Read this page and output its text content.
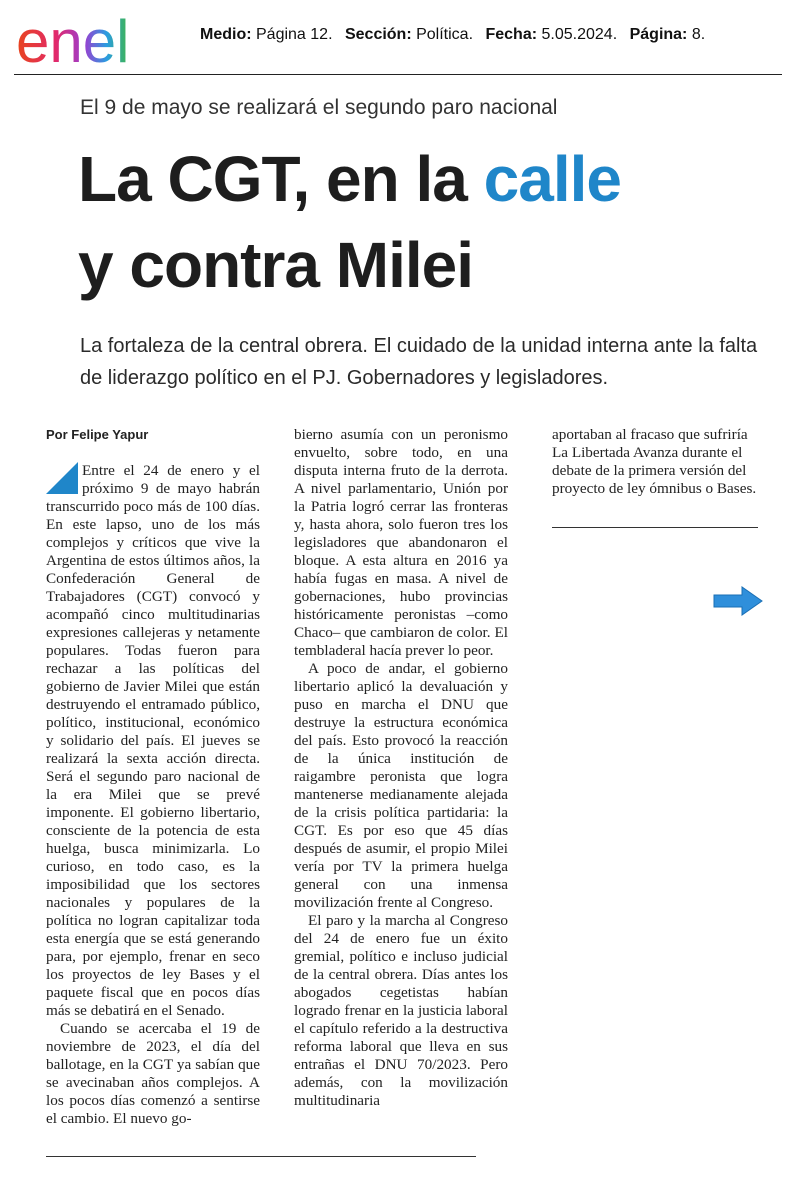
enel	Medio: Página 12. Sección: Política. Fecha: 5.05.2024. Página: 8.
El 9 de mayo se realizará el segundo paro nacional
La CGT, en la calle
y contra Milei
La fortaleza de la central obrera. El cuidado de la unidad interna ante la falta de liderazgo político en el PJ. Gobernadores y legisladores.
Por Felipe Yapur

Entre el 24 de enero y el próximo 9 de mayo habrán transcurrido poco más de 100 días. En este lapso, uno de los más complejos y críticos que vive la Argentina de estos últimos años, la Confederación General de Trabajadores (CGT) convocó y acompañó cinco multitudinarias expresiones callejeras y netamente populares. Todas fueron para rechazar a las políticas del gobierno de Javier Milei que están destruyendo el entramado público, político, institucional, económico y solidario del país. El jueves se realizará la sexta acción directa. Será el segundo paro nacional de la era Milei que se prevé imponente. El gobierno libertario, consciente de la potencia de esta huelga, busca minimizarla. Lo curioso, en todo caso, es la imposibilidad que los sectores nacionales y populares de la política no logran capitalizar toda esta energía que se está generando para, por ejemplo, frenar en seco los proyectos de ley Bases y el paquete fiscal que en pocos días más se debatirá en el Senado.

Cuando se acercaba el 19 de noviembre de 2023, el día del ballotage, en la CGT ya sabían que se avecinaban años complejos. A los pocos días comenzó a sentirse el cambio. El nuevo go-

bierno asumía con un peronismo envuelto, sobre todo, en una disputa interna fruto de la derrota. A nivel parlamentario, Unión por la Patria logró cerrar las fronteras y, hasta ahora, solo fueron tres los legisladores que abandonaron el bloque. A esta altura en 2016 ya había fugas en masa. A nivel de gobernaciones, hubo provincias históricamente peronistas –como Chaco– que cambiaron de color. El tembladeral hacía prever lo peor.

A poco de andar, el gobierno libertario aplicó la devaluación y puso en marcha el DNU que destruye la estructura económica del país. Esto provocó la reacción de la única institución de raigambre peronista que logra mantenerse medianamente alejada de la crisis política partidaria: la CGT. Es por eso que 45 días después de asumir, el propio Milei vería por TV la primera huelga general con una inmensa movilización frente al Congreso.

El paro y la marcha al Congreso del 24 de enero fue un éxito gremial, político e incluso judicial de la central obrera. Días antes los abogados cegetistas habían logrado frenar en la justicia laboral el capítulo referido a la destructiva reforma laboral que lleva en sus entrañas el DNU 70/2023. Pero además, con la movilización multitudinaria

aportaban al fracaso que sufriría La Libertada Avanza durante el debate de la primera versión del proyecto de ley ómnibus o Bases.
